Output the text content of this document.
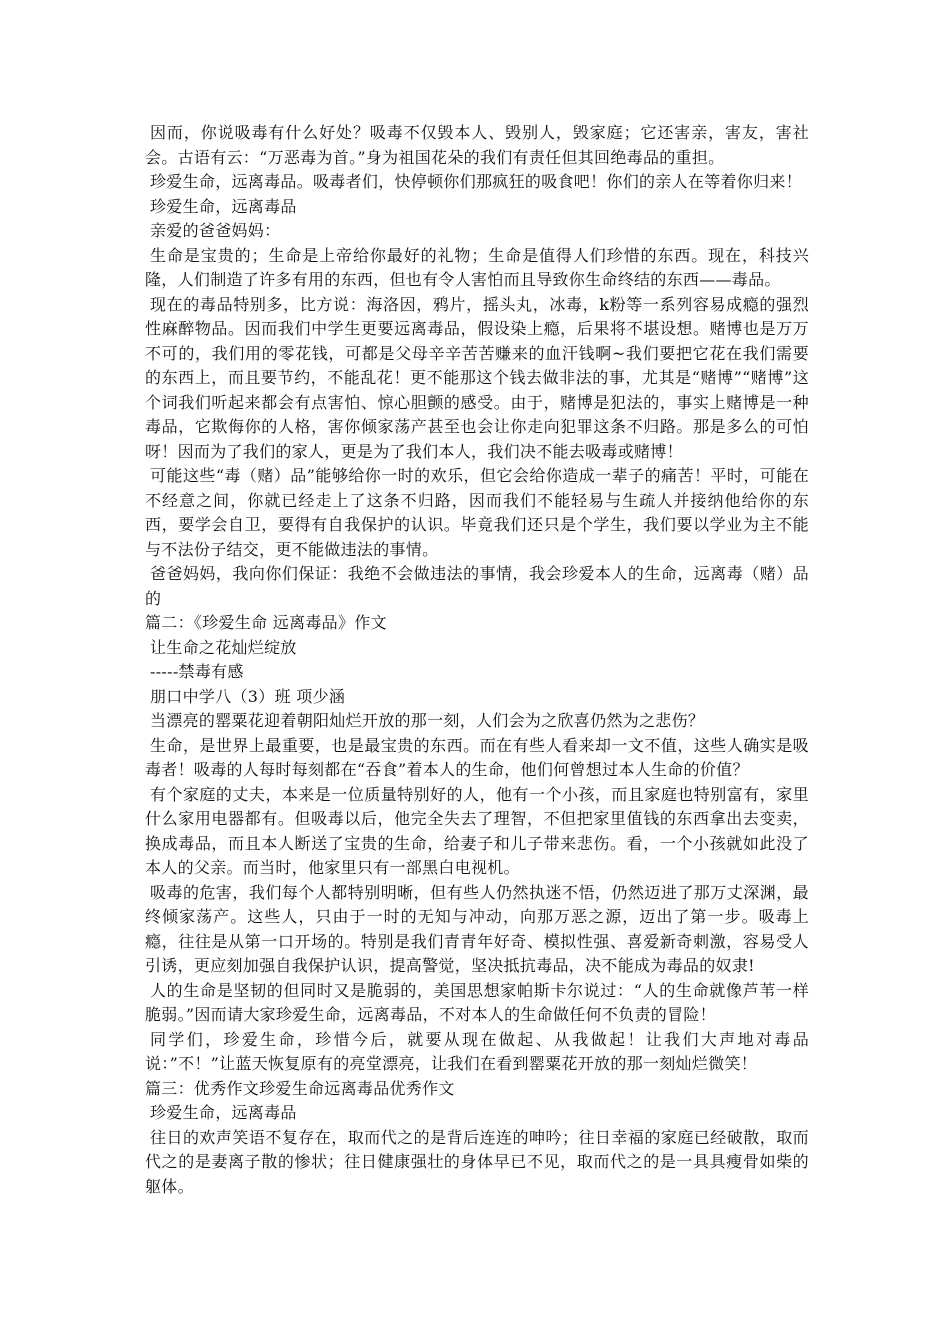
因而，你说吸毒有什么好处？吸毒不仅毁本人、毁别人，毁家庭；它还害亲，害友，害社会。古语有云：“万恶毒为首。”身为祖国花朵的我们有责任但其回绝毒品的重担。

珍爱生命，远离毒品。吸毒者们，快停顿你们那疯狂的吸食吧！你们的亲人在等着你归来！

珍爱生命，远离毒品

亲爱的爸爸妈妈：

生命是宝贵的；生命是上帝给你最好的礼物；生命是值得人们珍惜的东西。现在，科技兴隆，人们制造了许多有用的东西，但也有令人害怕而且导致你生命终结的东西——毒品。

现在的毒品特别多，比方说：海洛因，鸦片，摇头丸，冰毒，k粉等一系列容易成瘾的强烈性麻醉物品。因而我们中学生更要远离毒品，假设染上瘾，后果将不堪设想。赌博也是万万不可的，我们用的零花钱，可都是父母辛辛苦苦赚来的血汗钱啊~我们要把它花在我们需要的东西上，而且要节约，不能乱花！更不能那这个钱去做非法的事，尤其是“赌博”“赌博”这个词我们听起来都会有点害怕、惊心胆颤的感受。由于，赌博是犯法的，事实上赌博是一种毒品，它欺侮你的人格，害你倾家荡产甚至也会让你走向犯罪这条不归路。那是多么的可怕呀！因而为了我们的家人，更是为了我们本人，我们决不能去吸毒或赌博！

可能这些“毒（赌）品”能够给你一时的欢乐，但它会给你造成一辈子的痛苦！平时，可能在不经意之间，你就已经走上了这条不归路，因而我们不能轻易与生疏人并接纳他给你的东西，要学会自卫，要得有自我保护的认识。毕竟我们还只是个学生，我们要以学业为主不能与不法份子结交，更不能做违法的事情。

爸爸妈妈，我向你们保证：我绝不会做违法的事情，我会珍爱本人的生命，远离毒（赌）品的

篇二：《珍爱生命 远离毒品》作文

让生命之花灿烂绽放

-----禁毒有感

朋口中学八（3）班 项少涵

当漂亮的罂粟花迎着朝阳灿烂开放的那一刻，人们会为之欣喜仍然为之悲伤？

生命，是世界上最重要，也是最宝贵的东西。而在有些人看来却一文不值，这些人确实是吸毒者！吸毒的人每时每刻都在“吞食”着本人的生命，他们何曾想过本人生命的价值？

有个家庭的丈夫，本来是一位质量特别好的人，他有一个小孩，而且家庭也特别富有，家里什么家用电器都有。但吸毒以后，他完全失去了理智，不但把家里值钱的东西拿出去变卖，换成毒品，而且本人断送了宝贵的生命，给妻子和儿子带来悲伤。看，一个小孩就如此没了本人的父亲。而当时，他家里只有一部黑白电视机。

吸毒的危害，我们每个人都特别明晰，但有些人仍然执迷不悟，仍然迈进了那万丈深渊，最终倾家荡产。这些人，只由于一时的无知与冲动，向那万恶之源，迈出了第一步。吸毒上瘾，往往是从第一口开场的。特别是我们青青年好奇、模拟性强、喜爱新奇刺激，容易受人引诱，更应刻加强自我保护认识，提高警觉，坚决抵抗毒品，决不能成为毒品的奴隶!

人的生命是坚韧的但同时又是脆弱的，美国思想家帕斯卡尔说过：“人的生命就像芦苇一样脆弱。”因而请大家珍爱生命，远离毒品，不对本人的生命做任何不负责的冒险！

同学们，珍爱生命，珍惜今后，就要从现在做起、从我做起！让我们大声地对毒品说：”不！”让蓝天恢复原有的亮堂漂亮，让我们在看到罂粟花开放的那一刻灿烂微笑！

篇三：优秀作文珍爱生命远离毒品优秀作文

珍爱生命，远离毒品

往日的欢声笑语不复存在，取而代之的是背后连连的呻吟；往日幸福的家庭已经破散，取而代之的是妻离子散的惨状；往日健康强壮的身体早已不见，取而代之的是一具具瘦骨如柴的躯体。
